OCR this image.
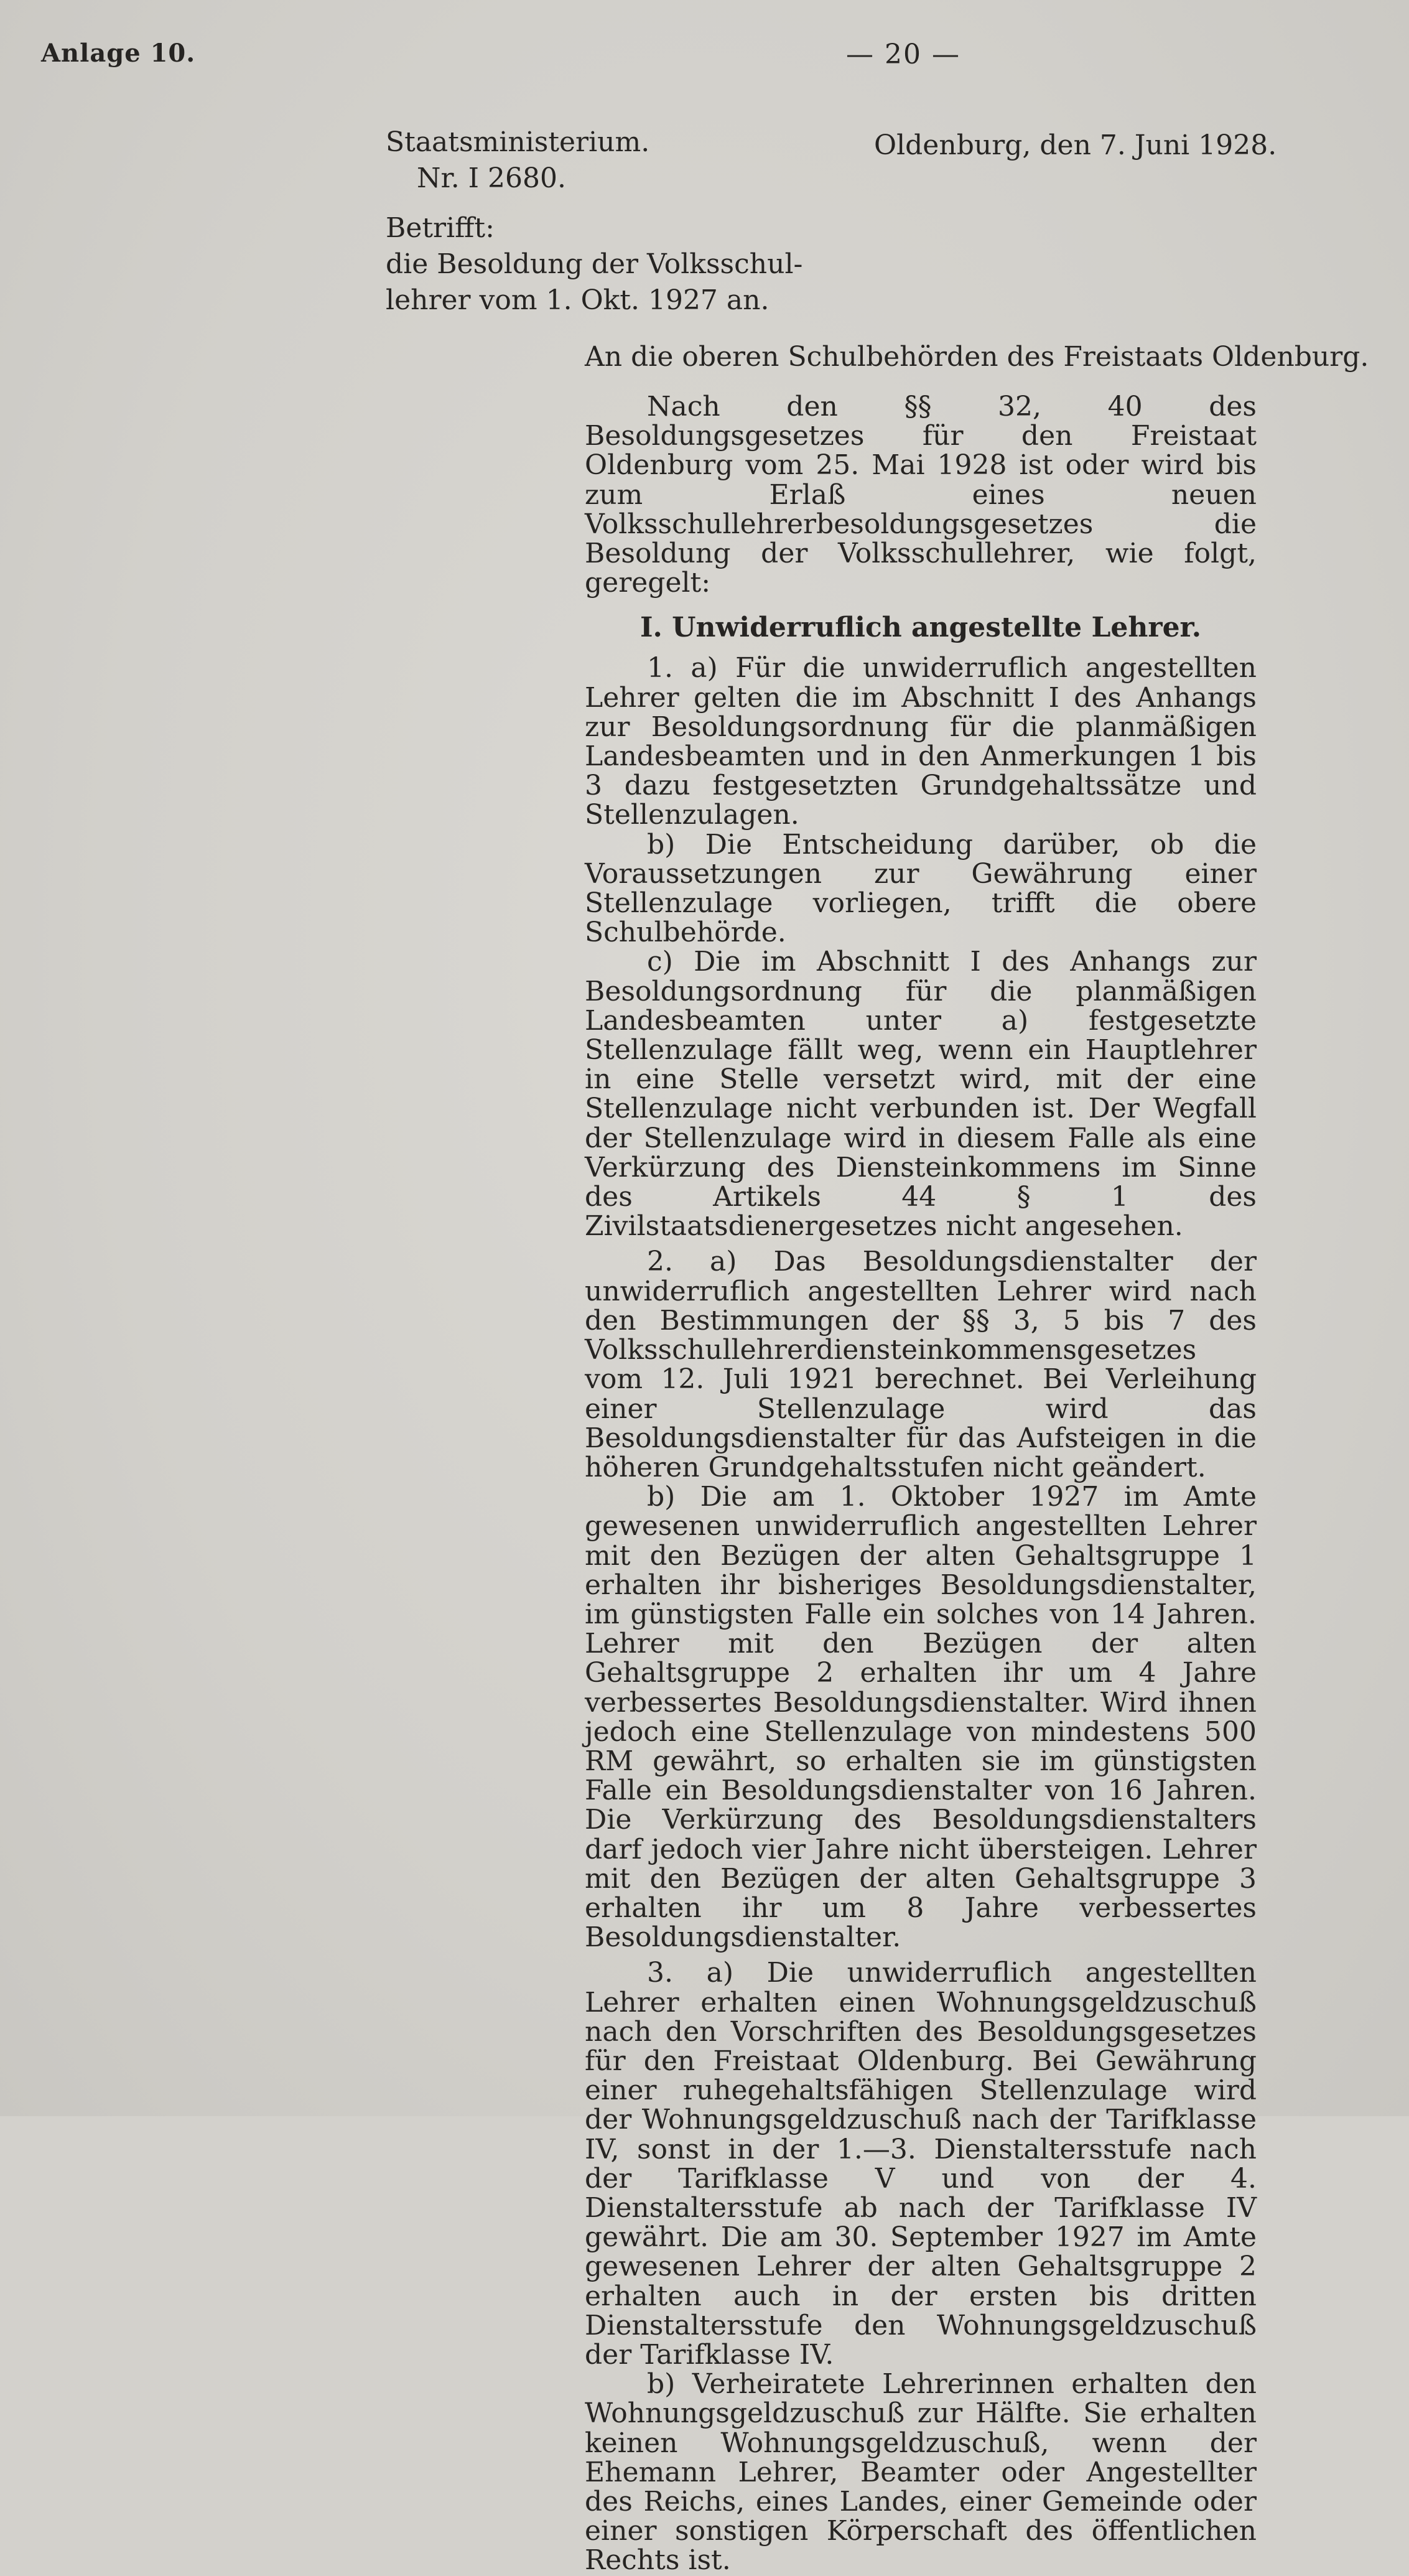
Anlage 10.	— 20 —
Staatsministerium.
Nr. I 2680.
Betrifft:
die Besoldung der Volksschul-
lehrer vom 1. Okt. 1927 an.
Oldenburg, den 7. Juni 1928.
An die oberen Schulbehörden des Freistaats Oldenburg.

Nach den §§ 32, 40 des Besoldungsgesetzes für den Freistaat Oldenburg vom 25. Mai 1928 ist oder wird bis zum Erlaß eines neuen Volksschullehrerbesoldungsgesetzes die Besoldung der Volksschullehrer, wie folgt, geregelt:

I. Unwiderruflich angestellte Lehrer.

1. a) Für die unwiderruflich angestellten Lehrer gelten die im Abschnitt I des Anhangs zur Besoldungsordnung für die planmäßigen Landesbeamten und in den Anmerkungen 1 bis 3 dazu festgesetzten Grundgehaltssätze und Stellenzulagen.

b) Die Entscheidung darüber, ob die Voraussetzungen zur Gewährung einer Stellenzulage vorliegen, trifft die obere Schulbehörde.

c) Die im Abschnitt I des Anhangs zur Besoldungsordnung für die planmäßigen Landesbeamten unter a) festgesetzte Stellenzulage fällt weg, wenn ein Hauptlehrer in eine Stelle versetzt wird, mit der eine Stellenzulage nicht verbunden ist. Der Wegfall der Stellenzulage wird in diesem Falle als eine Verkürzung des Diensteinkommens im Sinne des Artikels 44 § 1 des Zivilstaatsdienergesetzes nicht angesehen.

2. a) Das Besoldungsdienstalter der unwiderruflich angestellten Lehrer wird nach den Bestimmungen der §§ 3, 5 bis 7 des Volksschullehrerdiensteinkommensgesetzes vom 12. Juli 1921 berechnet. Bei Verleihung einer Stellenzulage wird das Besoldungsdienstalter für das Aufsteigen in die höheren Grundgehaltsstufen nicht geändert.

b) Die am 1. Oktober 1927 im Amte gewesenen unwiderruflich angestellten Lehrer mit den Bezügen der alten Gehaltsgruppe 1 erhalten ihr bisheriges Besoldungsdienstalter, im günstigsten Falle ein solches von 14 Jahren. Lehrer mit den Bezügen der alten Gehaltsgruppe 2 erhalten ihr um 4 Jahre verbessertes Besoldungsdienstalter. Wird ihnen jedoch eine Stellenzulage von mindestens 500 RM gewährt, so erhalten sie im günstigsten Falle ein Besoldungsdienstalter von 16 Jahren. Die Verkürzung des Besoldungsdienstalters darf jedoch vier Jahre nicht übersteigen. Lehrer mit den Bezügen der alten Gehaltsgruppe 3 erhalten ihr um 8 Jahre verbessertes Besoldungsdienstalter.

3. a) Die unwiderruflich angestellten Lehrer erhalten einen Wohnungsgeldzuschuß nach den Vorschriften des Besoldungsgesetzes für den Freistaat Oldenburg. Bei Gewährung einer ruhegehaltsfähigen Stellenzulage wird der Wohnungsgeldzuschuß nach der Tarifklasse IV, sonst in der 1.—3. Dienstaltersstufe nach der Tarifklasse V und von der 4. Dienstaltersstufe ab nach der Tarifklasse IV gewährt. Die am 30. September 1927 im Amte gewesenen Lehrer der alten Gehaltsgruppe 2 erhalten auch in der ersten bis dritten Dienstaltersstufe den Wohnungsgeldzuschuß der Tarifklasse IV.

b) Verheiratete Lehrerinnen erhalten den Wohnungsgeldzuschuß zur Hälfte. Sie erhalten keinen Wohnungsgeldzuschuß, wenn der Ehemann Lehrer, Beamter oder Angestellter des Reichs, eines Landes, einer Gemeinde oder einer sonstigen Körperschaft des öffentlichen Rechts ist.
